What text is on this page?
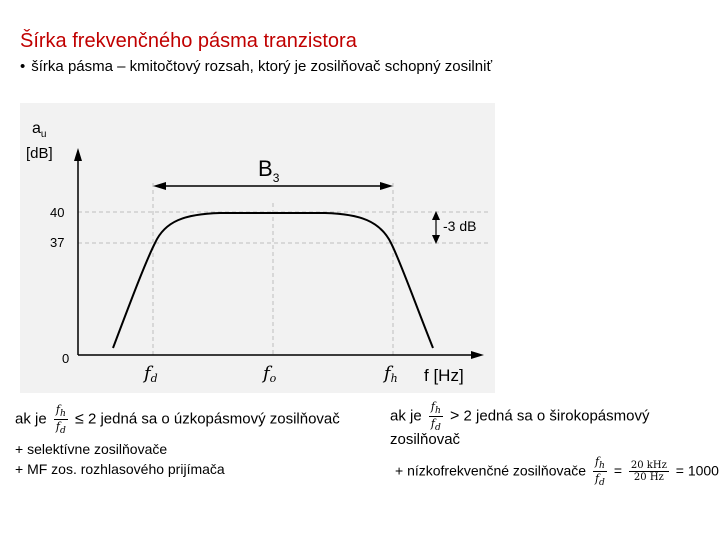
Šírka frekvenčného pásma tranzistora
• šírka pásma – kmitočtový rozsah, ktorý je zosilňovač schopný zosilniť
$B_3$
-3 dB
$a_u$
[dB]
40
37
0
fd	fo	fh f [Hz]
ak je $\frac{f_h}{f_d} \le 2$ jedná sa o úzkopásmový zosilňovač
+ selektívne zosilňovače
+ MF zos. rozhlasového prijímača
ak je $\frac{f_h}{f_d} > 2$ jedná sa o širokopásmový
zosilňovač
+ nízkofrekvenčné zosilňovače $\frac{f_h}{f_d} = \frac{\text{20 kHz}}{20 Hz} = 1000$
